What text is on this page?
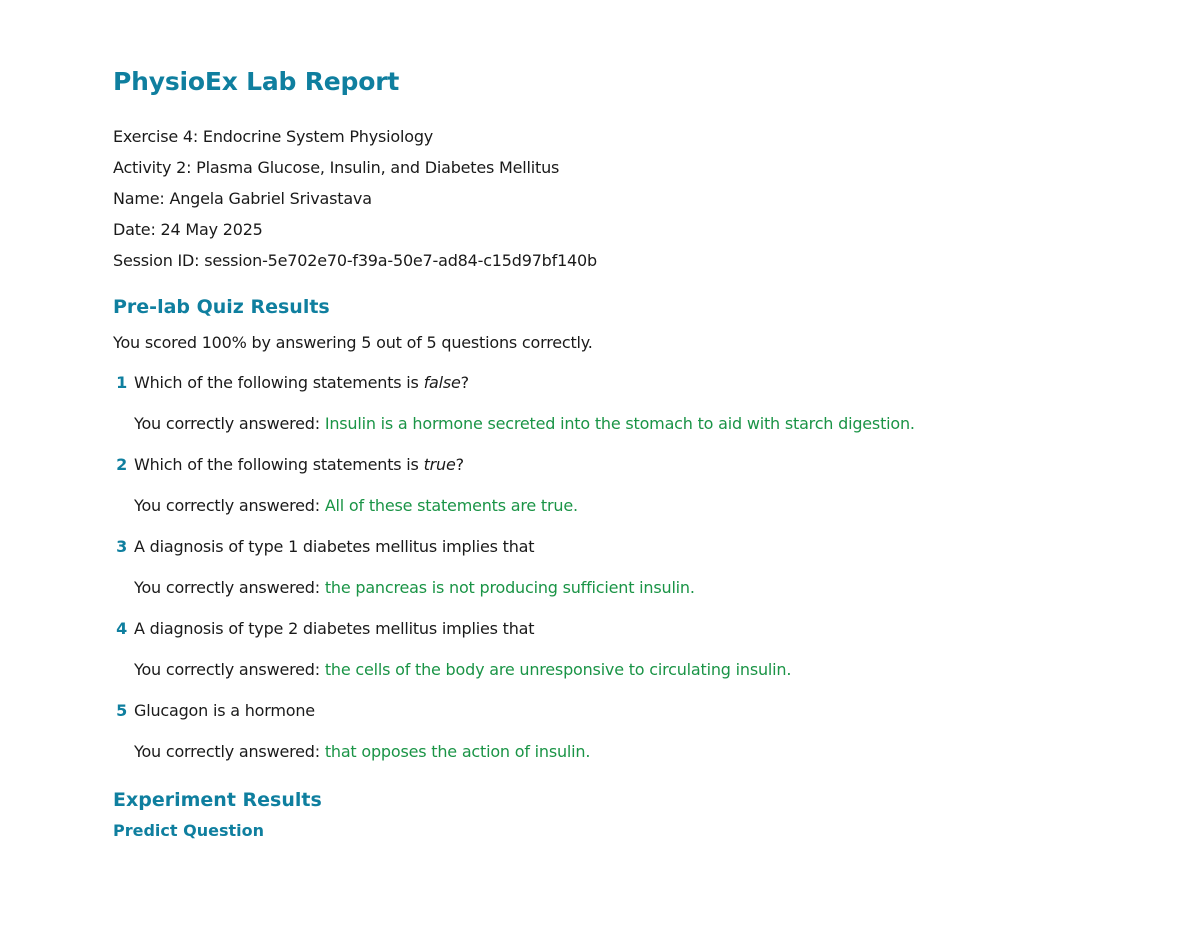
PhysioEx Lab Report
Exercise 4: Endocrine System Physiology
Activity 2: Plasma Glucose, Insulin, and Diabetes Mellitus
Name: Angela Gabriel Srivastava
Date: 24 May 2025
Session ID: session-5e702e70-f39a-50e7-ad84-c15d97bf140b
Pre-lab Quiz Results
You scored 100% by answering 5 out of 5 questions correctly.
1 Which of the following statements is false?
You correctly answered: Insulin is a hormone secreted into the stomach to aid with starch digestion.
2 Which of the following statements is true?
You correctly answered: All of these statements are true.
3 A diagnosis of type 1 diabetes mellitus implies that
You correctly answered: the pancreas is not producing sufficient insulin.
4 A diagnosis of type 2 diabetes mellitus implies that
You correctly answered: the cells of the body are unresponsive to circulating insulin.
5 Glucagon is a hormone
You correctly answered: that opposes the action of insulin.
Experiment Results
Predict Question
